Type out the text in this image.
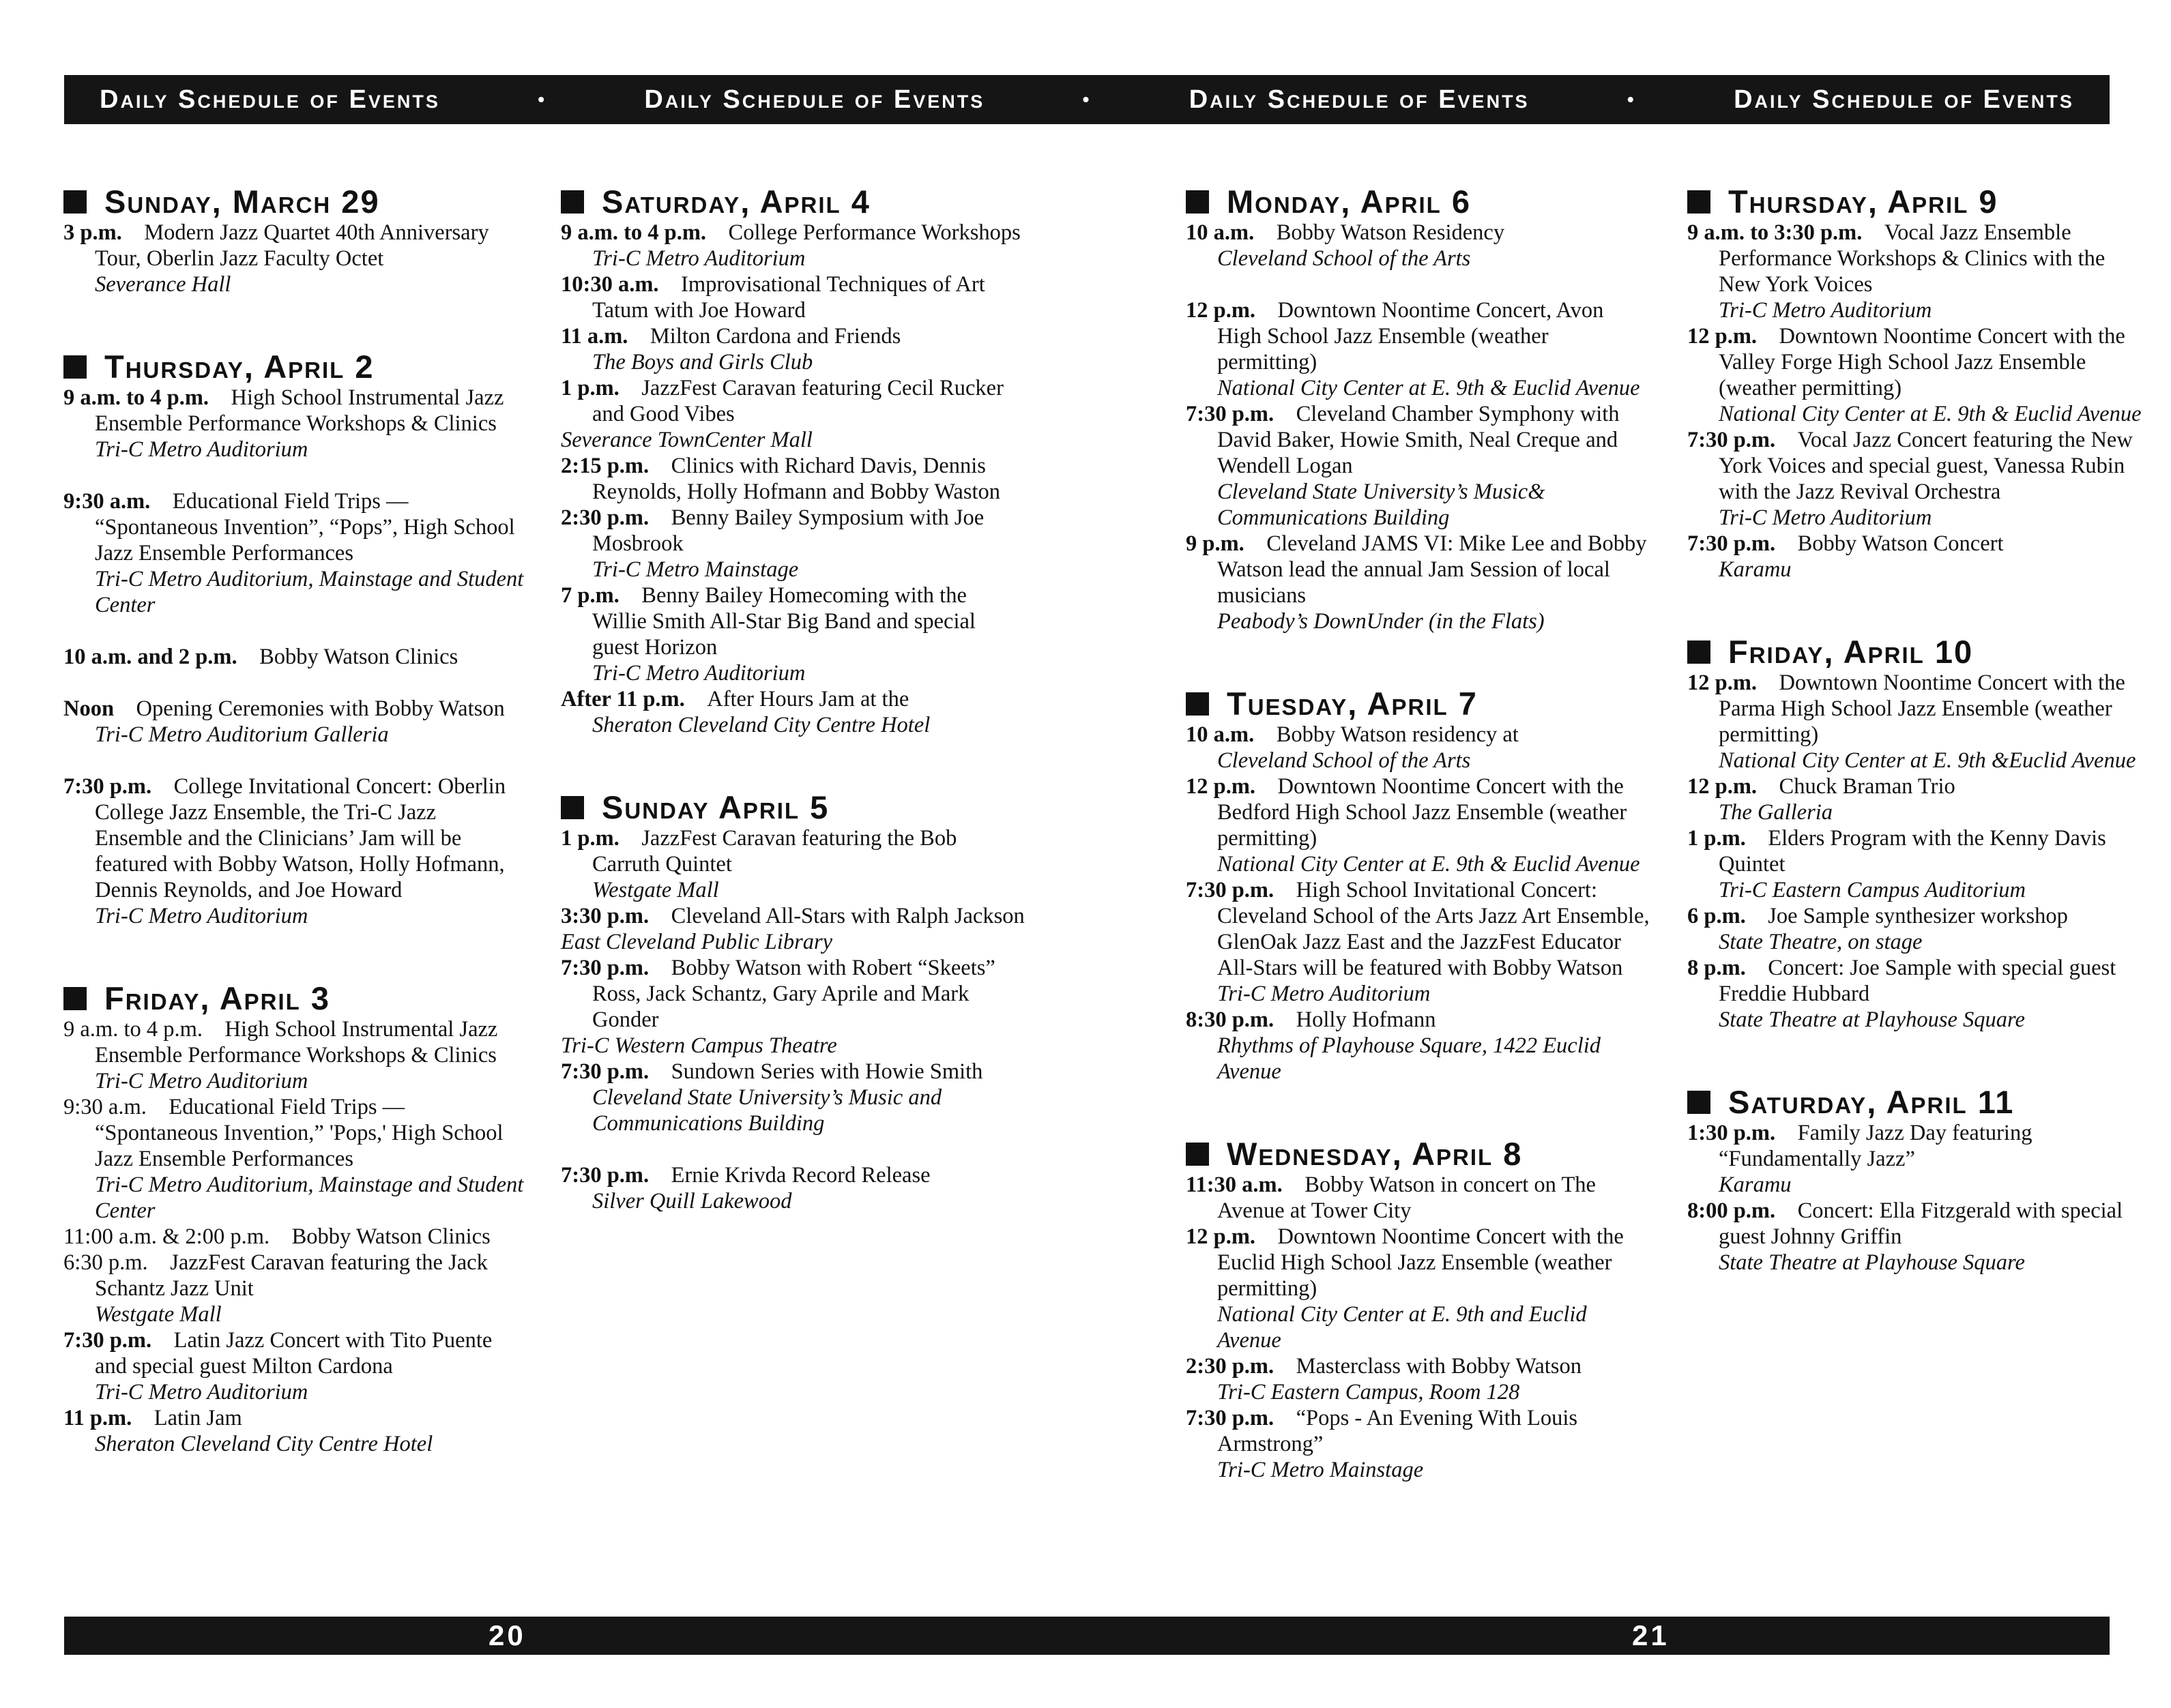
Daily Schedule of Events	•	Daily Schedule of Events	•	Daily Schedule of Events	•	Daily Schedule of Events
Sunday, March 29
3 p.m.  Modern Jazz Quartet 40th Anniversary Tour, Oberlin Jazz Faculty Octet
Severance Hall
Thursday, April 2
9 a.m. to 4 p.m.  High School Instrumental Jazz Ensemble Performance Workshops & Clinics
Tri-C Metro Auditorium
9:30 a.m.  Educational Field Trips — “Spontaneous Invention”, “Pops”, High School Jazz Ensemble Performances
Tri-C Metro Auditorium, Mainstage and Student Center
10 a.m. and 2 p.m.  Bobby Watson Clinics
Noon  Opening Ceremonies with Bobby Watson
Tri-C Metro Auditorium Galleria
7:30 p.m.  College Invitational Concert: Oberlin College Jazz Ensemble, the Tri-C Jazz Ensemble and the Clinicians’ Jam will be featured with Bobby Watson, Holly Hofmann, Dennis Reynolds, and Joe Howard
Tri-C Metro Auditorium
Friday, April 3
9 a.m. to 4 p.m.  High School Instrumental Jazz Ensemble Performance Workshops & Clinics
Tri-C Metro Auditorium
9:30 a.m.  Educational Field Trips — “Spontaneous Invention,” 'Pops,' High School Jazz Ensemble Performances
Tri-C Metro Auditorium, Mainstage and Student Center
11:00 a.m. & 2:00 p.m.  Bobby Watson Clinics
6:30 p.m.  JazzFest Caravan featuring the Jack Schantz Jazz Unit
Westgate Mall
7:30 p.m.  Latin Jazz Concert with Tito Puente and special guest Milton Cardona
Tri-C Metro Auditorium
11 p.m.  Latin Jam
Sheraton Cleveland City Centre Hotel
Saturday, April 4
9 a.m. to 4 p.m.  College Performance Workshops
Tri-C Metro Auditorium
10:30 a.m.  Improvisational Techniques of Art Tatum with Joe Howard
11 a.m.  Milton Cardona and Friends
The Boys and Girls Club
1 p.m.  JazzFest Caravan featuring Cecil Rucker and Good Vibes
Severance TownCenter Mall
2:15 p.m.  Clinics with Richard Davis, Dennis Reynolds, Holly Hofmann and Bobby Waston
2:30 p.m.  Benny Bailey Symposium with Joe Mosbrook
Tri-C Metro Mainstage
7 p.m.  Benny Bailey Homecoming with the Willie Smith All-Star Big Band and special guest Horizon
Tri-C Metro Auditorium
After 11 p.m.  After Hours Jam at the
Sheraton Cleveland City Centre Hotel
Sunday April 5
1 p.m.  JazzFest Caravan featuring the Bob Carruth Quintet
Westgate Mall
3:30 p.m.  Cleveland All-Stars with Ralph Jackson
East Cleveland Public Library
7:30 p.m.  Bobby Watson with Robert “Skeets” Ross, Jack Schantz, Gary Aprile and Mark Gonder
Tri-C Western Campus Theatre
7:30 p.m.  Sundown Series with Howie Smith
Cleveland State University’s Music and Communications Building
7:30 p.m.  Ernie Krivda Record Release
Silver Quill Lakewood
Monday, April 6
10 a.m.  Bobby Watson Residency
Cleveland School of the Arts
12 p.m.  Downtown Noontime Concert, Avon High School Jazz Ensemble (weather permitting)
National City Center at E. 9th & Euclid Avenue
7:30 p.m.  Cleveland Chamber Symphony with David Baker, Howie Smith, Neal Creque and Wendell Logan
Cleveland State University’s Music& Communications Building
9 p.m.  Cleveland JAMS VI: Mike Lee and Bobby Watson lead the annual Jam Session of local musicians
Peabody’s DownUnder (in the Flats)
Tuesday, April 7
10 a.m.  Bobby Watson residency at
Cleveland School of the Arts
12 p.m.  Downtown Noontime Concert with the Bedford High School Jazz Ensemble (weather permitting)
National City Center at E. 9th & Euclid Avenue
7:30 p.m.  High School Invitational Concert: Cleveland School of the Arts Jazz Art Ensemble, GlenOak Jazz East and the JazzFest Educator All-Stars will be featured with Bobby Watson
Tri-C Metro Auditorium
8:30 p.m.  Holly Hofmann
Rhythms of Playhouse Square, 1422 Euclid Avenue
Wednesday, April 8
11:30 a.m.  Bobby Watson in concert on The Avenue at Tower City
12 p.m.  Downtown Noontime Concert with the Euclid High School Jazz Ensemble (weather permitting)
National City Center at E. 9th and Euclid Avenue
2:30 p.m.  Masterclass with Bobby Watson
Tri-C Eastern Campus, Room 128
7:30 p.m.  “Pops - An Evening With Louis Armstrong”
Tri-C Metro Mainstage
Thursday, April 9
9 a.m. to 3:30 p.m.  Vocal Jazz Ensemble Performance Workshops & Clinics with the New York Voices
Tri-C Metro Auditorium
12 p.m.  Downtown Noontime Concert with the Valley Forge High School Jazz Ensemble (weather permitting)
National City Center at E. 9th & Euclid Avenue
7:30 p.m.  Vocal Jazz Concert featuring the New York Voices and special guest, Vanessa Rubin with the Jazz Revival Orchestra
Tri-C Metro Auditorium
7:30 p.m.  Bobby Watson Concert
Karamu
Friday, April 10
12 p.m.  Downtown Noontime Concert with the Parma High School Jazz Ensemble (weather permitting)
National City Center at E. 9th &Euclid Avenue
12 p.m.  Chuck Braman Trio
The Galleria
1 p.m.  Elders Program with the Kenny Davis Quintet
Tri-C Eastern Campus Auditorium
6 p.m.  Joe Sample synthesizer workshop
State Theatre, on stage
8 p.m.  Concert: Joe Sample with special guest Freddie Hubbard
State Theatre at Playhouse Square
Saturday, April 11
1:30 p.m.  Family Jazz Day featuring “Fundamentally Jazz”
Karamu
8:00 p.m.  Concert: Ella Fitzgerald with special guest Johnny Griffin
State Theatre at Playhouse Square
20	21
